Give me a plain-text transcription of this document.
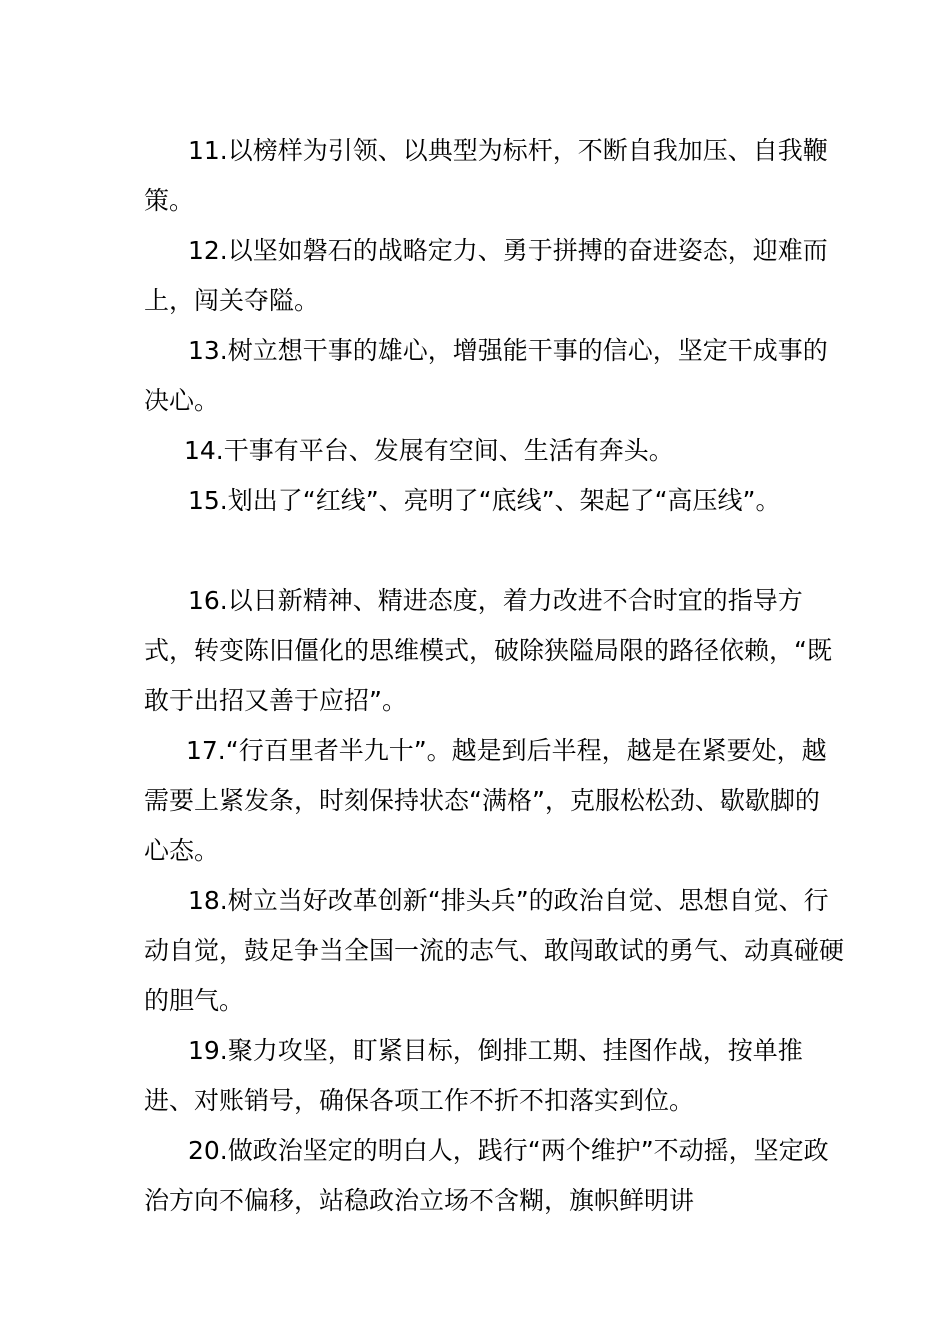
11.以榜样为引领、以典型为标杆，不断自我加压、自我鞭策。

12.以坚如磐石的战略定力、勇于拼搏的奋进姿态，迎难而上，闯关夺隘。

13.树立想干事的雄心，增强能干事的信心，坚定干成事的决心。

14.干事有平台、发展有空间、生活有奔头。

15.划出了“红线”、亮明了“底线”、架起了“高压线”。

16.以日新精神、精进态度，着力改进不合时宜的指导方式，转变陈旧僵化的思维模式，破除狭隘局限的路径依赖，“既敢于出招又善于应招”。

17.“行百里者半九十”。越是到后半程，越是在紧要处，越需要上紧发条，时刻保持状态“满格”，克服松松劲、歇歇脚的心态。

18.树立当好改革创新“排头兵”的政治自觉、思想自觉、行动自觉，鼓足争当全国一流的志气、敢闯敢试的勇气、动真碰硬的胆气。

19.聚力攻坚，盯紧目标，倒排工期、挂图作战，按单推进、对账销号，确保各项工作不折不扣落实到位。

20.做政治坚定的明白人，践行“两个维护”不动摇，坚定政治方向不偏移，站稳政治立场不含糊，旗帜鲜明讲
